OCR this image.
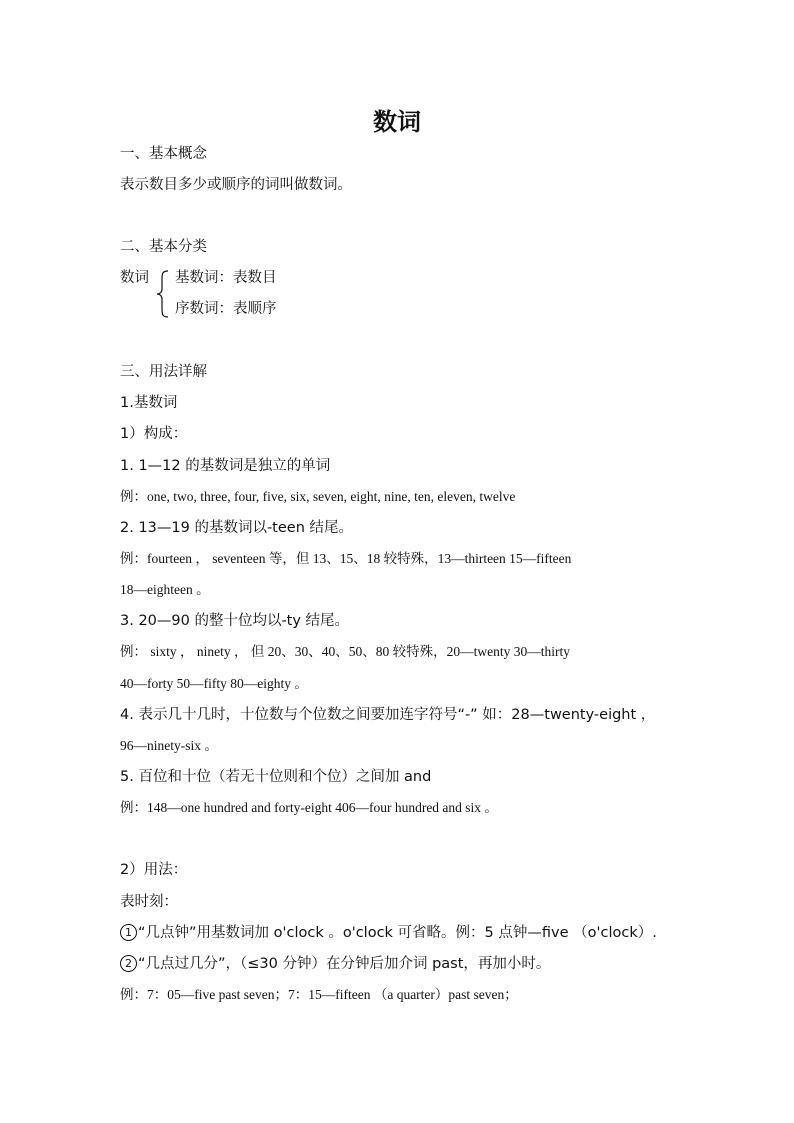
数词
一、基本概念
表示数目多少或顺序的词叫做数词。
二、基本分类
数词 基数词：表数目
序数词：表顺序
三、用法详解
1.基数词
1）构成：
1. 1—12 的基数词是独立的单词
例：one, two, three, four, five, six, seven, eight, nine, ten, eleven, twelve
2. 13—19 的基数词以-teen 结尾。
例：fourteen ， seventeen 等，但 13、15、18 较特殊，13—thirteen 15—fifteen
18—eighteen 。
3. 20—90 的整十位均以-ty 结尾。
例： sixty ， ninety ， 但 20、30、40、50、80 较特殊，20—twenty 30—thirty
40—forty 50—fifty 80—eighty 。
4. 表示几十几时，十位数与个位数之间要加连字符号“-” 如：28—twenty-eight ，
96—ninety-six 。
5. 百位和十位（若无十位则和个位）之间加 and
例：148—one hundred and forty-eight 406—four hundred and six 。
2）用法：
表时刻：
1 “几点钟”用基数词加 o'clock 。o'clock 可省略。例：5 点钟—five （o'clock）.
2 “几点过几分”，（≤30 分钟）在分钟后加介词 past，再加小时。
例：7：05—five past seven；7：15—fifteen （a quarter）past seven；
